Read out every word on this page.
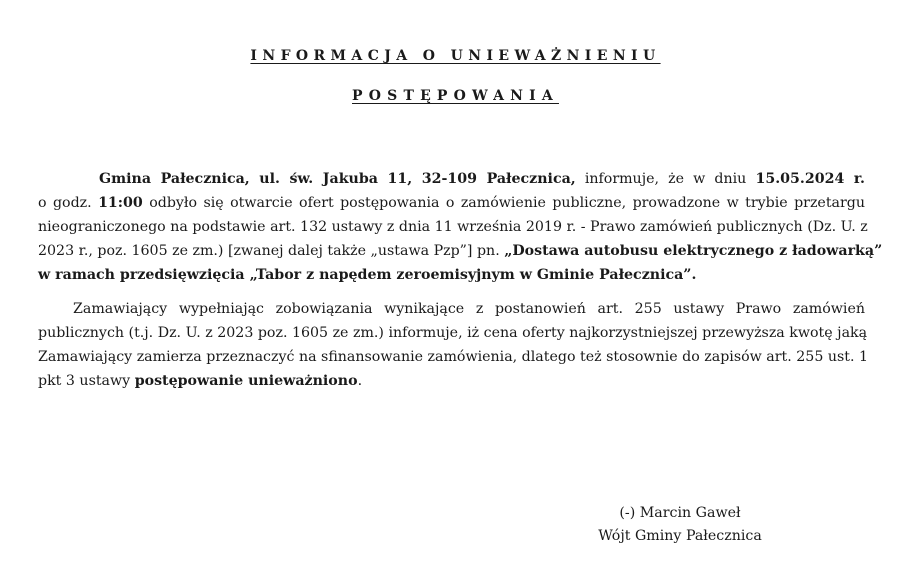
INFORMACJA O UNIEWAŻNIENIU
POSTĘPOWANIA
Gmina Pałecznica, ul. św. Jakuba 11, 32-109 Pałecznica, informuje, że w dniu 15.05.2024 r.
o godz. 11:00 odbyło się otwarcie ofert postępowania o zamówienie publiczne, prowadzone w trybie przetargu
nieograniczonego na podstawie art. 132 ustawy z dnia 11 września 2019 r. - Prawo zamówień publicznych (Dz. U. z
2023 r., poz. 1605 ze zm.) [zwanej dalej także „ustawa Pzp”] pn. „Dostawa autobusu elektrycznego z ładowarką”
w ramach przedsięwzięcia „Tabor z napędem zeroemisyjnym w Gminie Pałecznica”.
Zamawiający wypełniając zobowiązania wynikające z postanowień art. 255 ustawy Prawo zamówień
publicznych (t.j. Dz. U. z 2023 poz. 1605 ze zm.) informuje, iż cena oferty najkorzystniejszej przewyższa kwotę jaką
Zamawiający zamierza przeznaczyć na sfinansowanie zamówienia, dlatego też stosownie do zapisów art. 255 ust. 1
pkt 3 ustawy postępowanie unieważniono.
(-) Marcin Gaweł
Wójt Gminy Pałecznica
